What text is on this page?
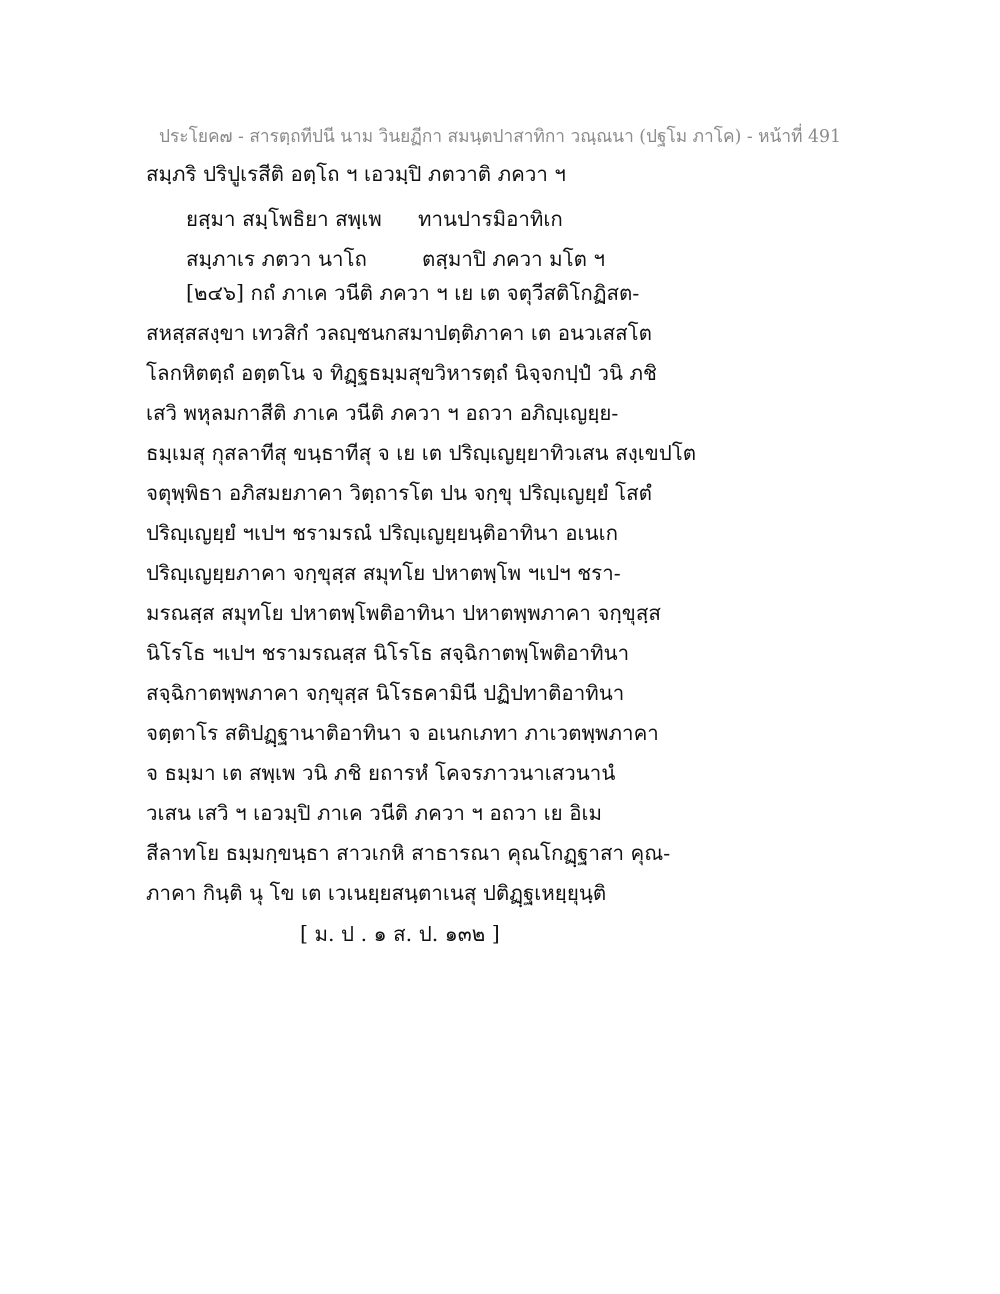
ประโยค๗ - สารตฺถทีปนี นาม วินยฏีกา สมนฺตปาสาทิกา วณฺณนา (ปฐโม ภาโค) - หน้าที่ 491
สมฺภริ ปริปูเรสีติ อตฺโถ ฯ เอวมฺปิ ภตวาติ ภควา ฯ
ยสฺมา สมฺโพธิยา สพฺเพ ทานปารมิอาทิเก
สมฺภาเร ภตวา นาโถ	ตสฺมาปิ ภควา มโต ฯ
[๒๔๖] กถํ ภาเค วนีติ ภควา ฯ เย เต จตุวีสติโกฏิสต-
สหสฺสสงฺขา เทวสิกํ วลญฺชนกสมาปตฺติภาคา เต อนวเสสโต
โลกหิตตฺถํ อตฺตโน จ ทิฏฺฐธมฺมสุขวิหารตฺถํ นิจฺจกปฺปํ วนิ ภชิ
เสวิ พหุลมกาสีติ ภาเค วนีติ ภควา ฯ อถวา อภิญฺเญยฺย-
ธมฺเมสุ กุสลาทีสุ ขนฺธาทีสุ จ เย เต ปริญฺเญยฺยาทิวเสน สงฺเขปโต
จตุพฺพิธา อภิสมยภาคา วิตฺถารโต ปน จกฺขุ ปริญฺเญยฺยํ โสตํ
ปริญฺเญยฺยํ ฯเปฯ ชรามรณํ ปริญฺเญยฺยนฺติอาทินา อเนเก
ปริญฺเญยฺยภาคา จกฺขุสฺส สมุทโย ปหาตพฺโพ ฯเปฯ ชรา-
มรณสฺส สมุทโย ปหาตพฺโพติอาทินา ปหาตพฺพภาคา จกฺขุสฺส
นิโรโธ ฯเปฯ ชรามรณสฺส นิโรโธ สจฺฉิกาตพฺโพติอาทินา
สจฺฉิกาตพฺพภาคา จกฺขุสฺส นิโรธคามินี ปฏิปทาติอาทินา
จตฺตาโร สติปฏฺฐานาติอาทินา จ อเนกเภทา ภาเวตพฺพภาคา
จ ธมฺมา เต สพฺเพ วนิ ภชิ ยถารหํ โคจรภาวนาเสวนานํ
วเสน เสวิ ฯ เอวมฺปิ ภาเค วนีติ ภควา ฯ อถวา เย อิเม
สีลาทโย ธมฺมกฺขนฺธา สาวเกหิ สาธารณา คุณโกฏฺฐาสา คุณ-
ภาคา กินฺติ นุ โข เต เวเนยฺยสนฺตาเนสุ ปติฏฺฐเหยฺยุนฺติ
[ ม. ป . ๑ ส. ป. ๑๓๒ ]
